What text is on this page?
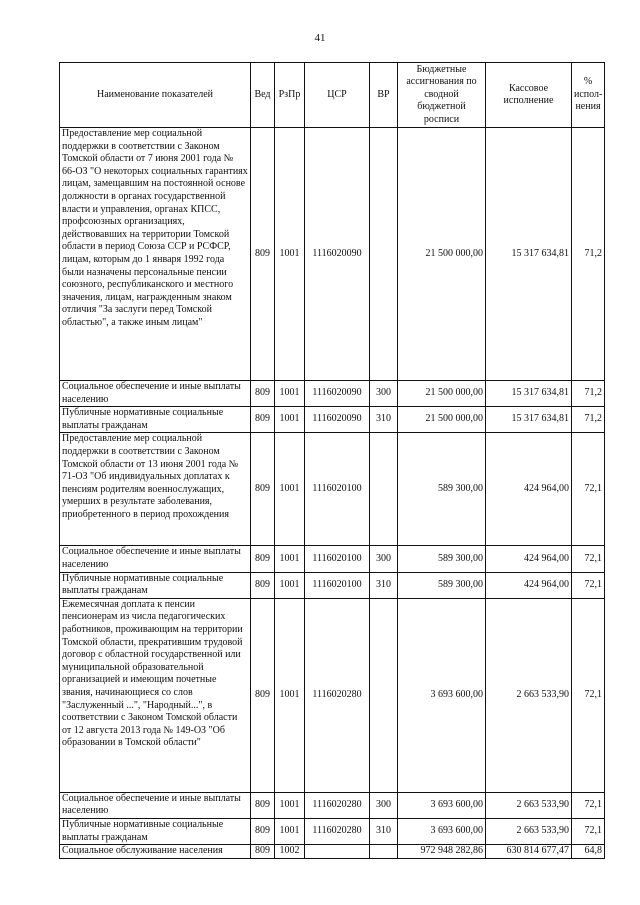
41
Наименование показателей	Вед	РзПр	ЦСР	ВР	Бюджетные ассигнования по сводной бюджетной росписи	Кассовое исполнение	% испол-нения
Предоставление мер социальной поддержки в соответствии с Законом Томской области от 7 июня 2001 года № 66-ОЗ "О некоторых социальных гарантиях лицам, замещавшим на постоянной основе должности в органах государственной власти и управления, органах КПСС, профсоюзных организациях, действовавших на территории Томской области в период Союза ССР и РСФСР, лицам, которым до 1 января 1992 года были назначены персональные пенсии союзного, республиканского и местного значения, лицам, награжденным знаком отличия "За заслуги перед Томской областью", а также иным лицам"	809	1001	1116020090		21 500 000,00	15 317 634,81	71,2
Социальное обеспечение и иные выплаты населению	809	1001	1116020090	300	21 500 000,00	15 317 634,81	71,2
Публичные нормативные социальные выплаты гражданам	809	1001	1116020090	310	21 500 000,00	15 317 634,81	71,2
Предоставление мер социальной поддержки в соответствии с Законом Томской области от 13 июня 2001 года № 71-ОЗ "Об индивидуальных доплатах к пенсиям родителям военнослужащих, умерших в результате заболевания, приобретенного в период прохождения	809	1001	1116020100		589 300,00	424 964,00	72,1
Социальное обеспечение и иные выплаты населению	809	1001	1116020100	300	589 300,00	424 964,00	72,1
Публичные нормативные социальные выплаты гражданам	809	1001	1116020100	310	589 300,00	424 964,00	72,1
Ежемесячная доплата к пенсии пенсионерам из числа педагогических работников, проживающим на территории Томской области, прекратившим трудовой договор с областной государственной или муниципальной образовательной организацией и имеющим почетные звания, начинающиеся со слов "Заслуженный ...", "Народный...", в соответствии с Законом Томской области от 12 августа 2013 года № 149-ОЗ "Об образовании в Томской области"	809	1001	1116020280		3 693 600,00	2 663 533,90	72,1
Социальное обеспечение и иные выплаты населению	809	1001	1116020280	300	3 693 600,00	2 663 533,90	72,1
Публичные нормативные социальные выплаты гражданам	809	1001	1116020280	310	3 693 600,00	2 663 533,90	72,1
Социальное обслуживание населения	809	1002			972 948 282,86	630 814 677,47	64,8
